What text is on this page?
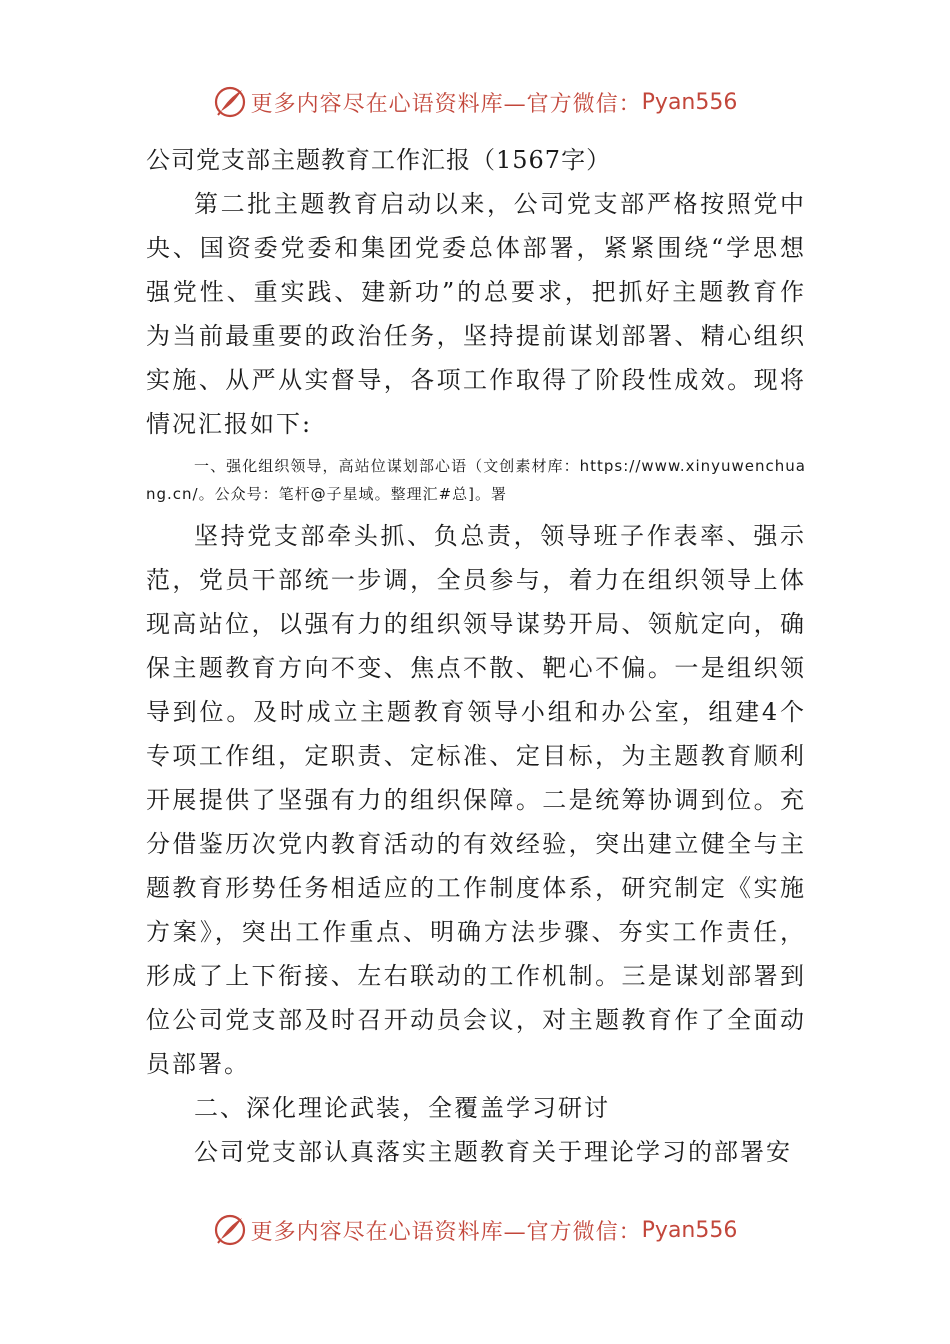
更多内容尽在心语资料库—官方微信： Pyan556

公司党支部主题教育工作汇报（1567字）

第二批主题教育启动以来，公司党支部严格按照党中央、国资委党委和集团党委总体部署，紧紧围绕“学思想强党性、重实践、建新功”的总要求，把抓好主题教育作为当前最重要的政治任务，坚持提前谋划部署、精心组织实施、从严从实督导，各项工作取得了阶段性成效。现将情况汇报如下:

一、强化组织领导，高站位谋划部心语（文创素材库：https://www.xinyuwenchuang.cn/。公众号：笔杆@子星域。整理汇#总]。署

坚持党支部牵头抓、负总责，领导班子作表率、强示范，党员干部统一步调，全员参与，着力在组织领导上体现高站位，以强有力的组织领导谋势开局、领航定向，确保主题教育方向不变、焦点不散、靶心不偏。一是组织领导到位。及时成立主题教育领导小组和办公室，组建4个专项工作组，定职责、定标准、定目标，为主题教育顺利开展提供了坚强有力的组织保障。二是统筹协调到位。充分借鉴历次党内教育活动的有效经验，突出建立健全与主题教育形势任务相适应的工作制度体系，研究制定《实施方案》，突出工作重点、明确方法步骤、夯实工作责任，形成了上下衔接、左右联动的工作机制。三是谋划部署到位公司党支部及时召开动员会议，对主题教育作了全面动员部署。

二、深化理论武装，全覆盖学习研讨

公司党支部认真落实主题教育关于理论学习的部署安

更多内容尽在心语资料库—官方微信： Pyan556
